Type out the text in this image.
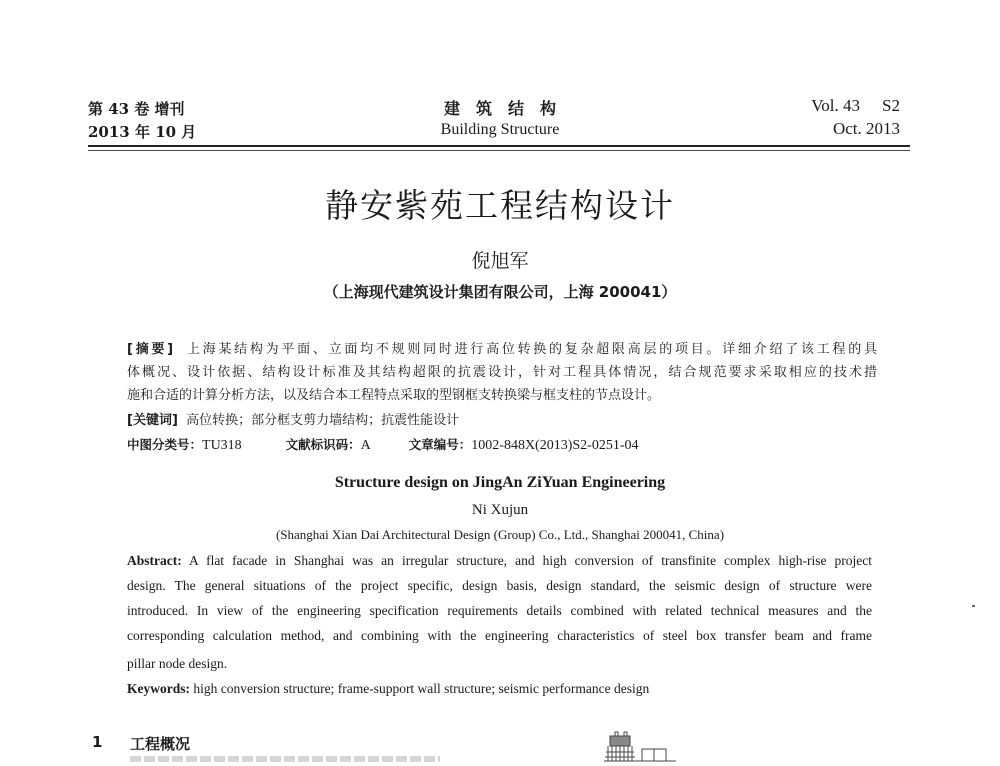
第 43 卷 增刊
2013 年 10 月
建　筑　结　构
Building Structure
Vol. 43 S2
Oct. 2013
静安紫苑工程结构设计
倪旭军
（上海现代建筑设计集团有限公司，上海 200041）
[摘要] 上海某结构为平面、立面均不规则同时进行高位转换的复杂超限高层的项目。详细介绍了该工程的具
体概况、设计依据、结构设计标准及其结构超限的抗震设计，针对工程具体情况，结合规范要求采取相应的技术措
施和合适的计算分析方法，以及结合本工程特点采取的型钢框支转换梁与框支柱的节点设计。
[关键词] 高位转换；部分框支剪力墙结构；抗震性能设计
中图分类号：TU318	文献标识码：A	文章编号：1002-848X(2013)S2-0251-04
Structure design on JingAn ZiYuan Engineering
Ni Xujun
(Shanghai Xian Dai Architectural Design (Group) Co., Ltd., Shanghai 200041, China)
Abstract: A flat facade in Shanghai was an irregular structure, and high conversion of transfinite complex high-rise project
design. The general situations of the project specific, design basis, design standard, the seismic design of structure were
introduced. In view of the engineering specification requirements details combined with related technical measures and the
corresponding calculation method, and combining with the engineering characteristics of steel box transfer beam and frame
pillar node design.
Keywords: high conversion structure; frame-support wall structure; seismic performance design
1 工程概况
